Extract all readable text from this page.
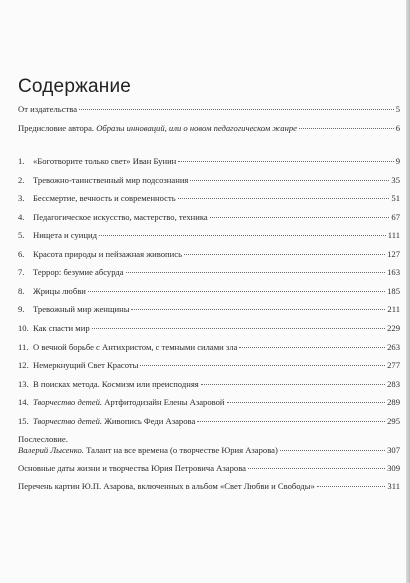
Содержание
От издательства	5
Предисловие автора. Образы инноваций, или о новом педагогическом жанре	6
1. «Боготворите только свет» Иван Бунин	9
2. Тревожно-таинственный мир подсознания	35
3. Бессмертие, вечность и современность	51
4. Педагогическое искусство, мастерство, техника	67
5. Нищета и суицид	111
6. Красота природы и пейзажная живопись	127
7. Террор: безумие абсурда	163
8. Жрицы любви	185
9. Тревожный мир женщины	211
10. Как спасти мир	229
11. О вечной борьбе с Антихристом, с темными силами зла	263
12. Немеркнущий Свет Красоты	277
13. В поисках метода. Космизм или преисподняя	283
14. Творчество детей. Артфитодизайн Елены Азаровой	289
15. Творчество детей. Живопись Феди Азарова	295
Послесловие.
Валерий Лысенко. Талант на все времена (о творчестве Юрия Азарова)	307
Основные даты жизни и творчества Юрия Петровича Азарова	309
Перечень картин Ю.П. Азарова, включенных в альбом «Свет Любви и Свободы»	311
